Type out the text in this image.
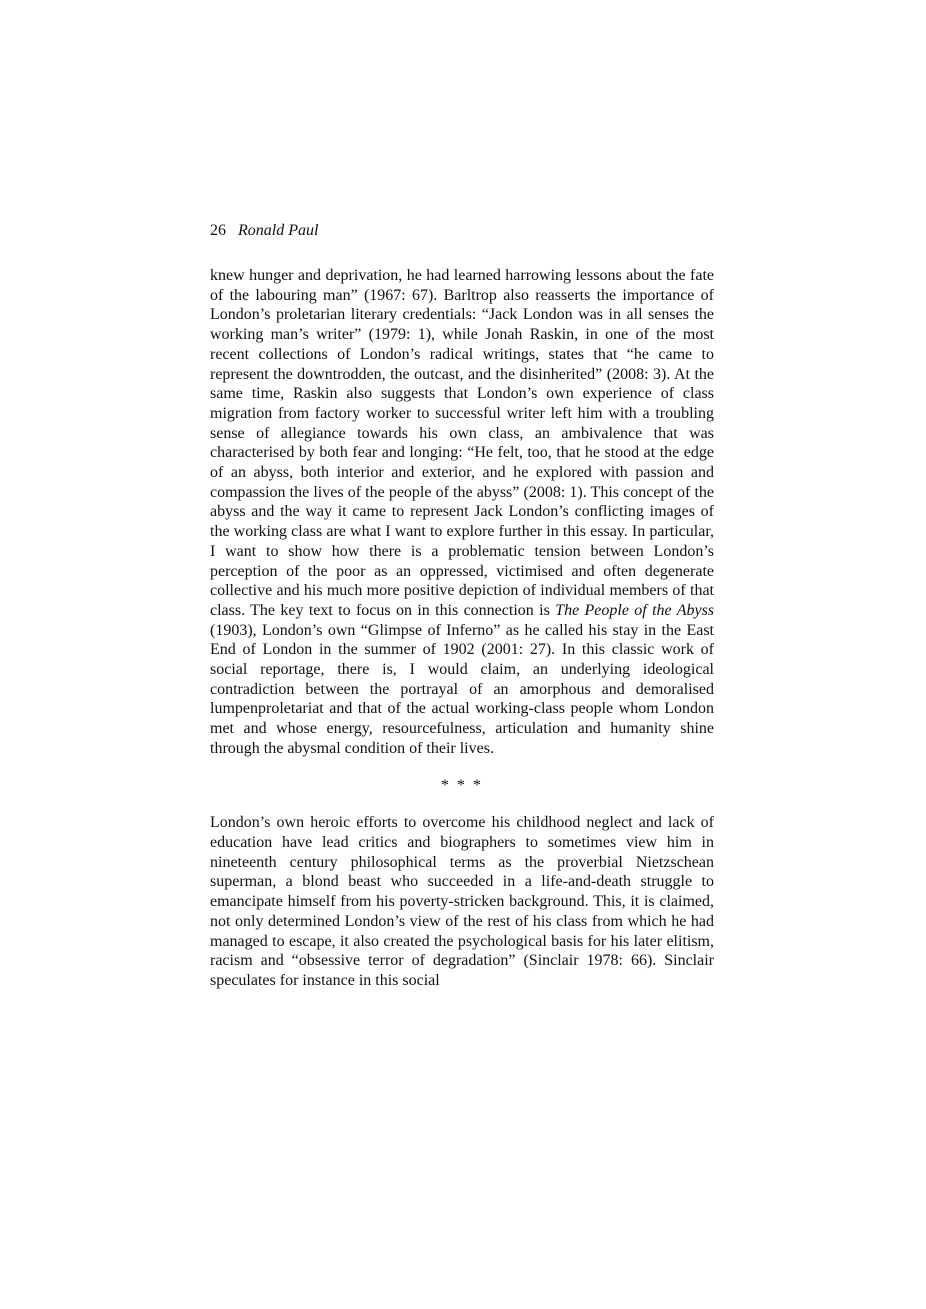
26 Ronald Paul

knew hunger and deprivation, he had learned harrowing lessons about the fate of the labouring man” (1967: 67). Barltrop also reasserts the importance of London’s proletarian literary credentials: “Jack London was in all senses the working man’s writer” (1979: 1), while Jonah Raskin, in one of the most recent collections of London’s radical writings, states that “he came to represent the downtrodden, the outcast, and the disinherited” (2008: 3). At the same time, Raskin also suggests that London’s own experience of class migration from factory worker to successful writer left him with a troubling sense of allegiance towards his own class, an ambivalence that was characterised by both fear and longing: “He felt, too, that he stood at the edge of an abyss, both interior and exterior, and he explored with passion and compassion the lives of the people of the abyss” (2008: 1). This concept of the abyss and the way it came to represent Jack London’s conflicting images of the working class are what I want to explore further in this essay. In particular, I want to show how there is a problematic tension between London’s perception of the poor as an oppressed, victimised and often degenerate collective and his much more positive depiction of individual members of that class. The key text to focus on in this connection is The People of the Abyss (1903), London’s own “Glimpse of Inferno” as he called his stay in the East End of London in the summer of 1902 (2001: 27). In this classic work of social reportage, there is, I would claim, an underlying ideological contradiction between the portrayal of an amorphous and demoralised lumpenproletariat and that of the actual working-class people whom London met and whose energy, resourcefulness, articulation and humanity shine through the abysmal condition of their lives.

* * *

London’s own heroic efforts to overcome his childhood neglect and lack of education have lead critics and biographers to sometimes view him in nineteenth century philosophical terms as the proverbial Nietzschean superman, a blond beast who succeeded in a life-and-death struggle to emancipate himself from his poverty-stricken background. This, it is claimed, not only determined London’s view of the rest of his class from which he had managed to escape, it also created the psychological basis for his later elitism, racism and “obsessive terror of degradation” (Sinclair 1978: 66). Sinclair speculates for instance in this social
